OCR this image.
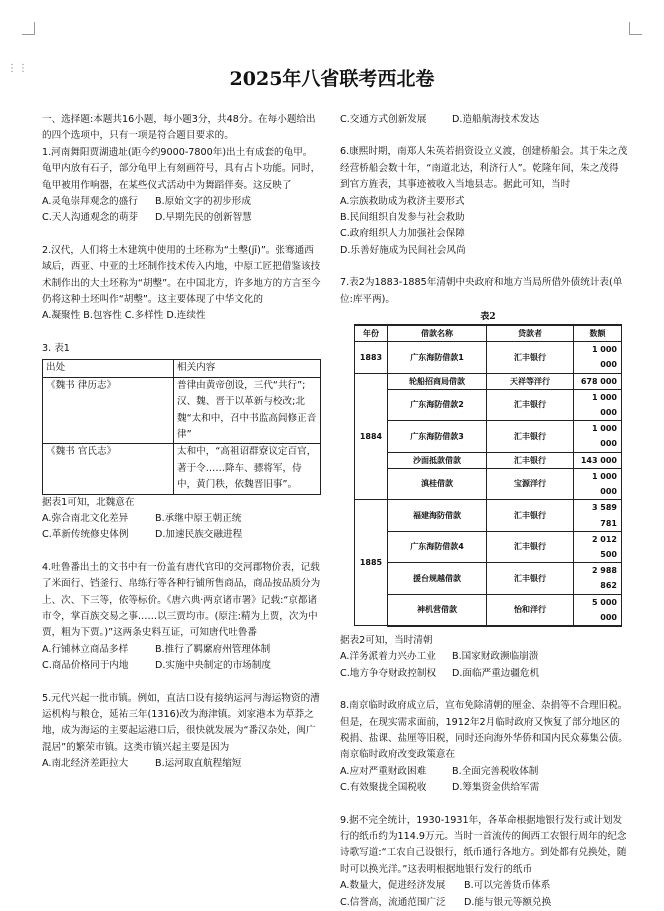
⋮⋮	2025年八省联考西北卷

一、选择题:本题共16小题，每小题3分，共48分。在每小题给出的四个选项中，只有一项是符合题目要求的。

1.河南舞阳贾湖遗址(距今约9000-7800年)出土有成套的龟甲。龟甲内放有石子，部分龟甲上有刻画符号，具有占卜功能。同时，龟甲被用作响器，在某些仪式活动中为舞蹈伴奏。这反映了

A.灵龟崇拜观念的盛行	B.原始文字的初步形成
C.天人沟通观念的萌芽	D.早期先民的创新智慧

2.汉代，人们将土木建筑中使用的土坯称为“土墼(jī)”。张骞通西域后，西亚、中亚的土坯制作技术传入内地，中原工匠把借鉴该技术制作出的大土坯称为“胡墼”。在中国北方，许多地方的方言至今仍将这种土坯叫作“胡墼”。这主要体现了中华文化的

A.凝聚性 B.包容性 C.多样性 D.连续性

3. 表1

出处	相关内容
《魏书 律历志》	普律由黄帝创设，三代“共行”;汉、魏、晋于以革新与校改;北魏“太和中，召中书监高闾修正音律”
《魏书 官氏志》	太和中，“高祖诏群寮议定百官，著于令……降车、骠将军，侍中，黄门秩，依魏晋旧事”。

据表1可知，北魏意在

A.弥合南北文化差异	B.承继中原王朝正统
C.革新传统修史体例	D.加速民族交融进程

4.吐鲁番出土的文书中有一份盖有唐代官印的交河郡物价表，记载了米面行、铛釜行、帛练行等各种行铺所售商品，商品按品质分为上、次、下三等，依等标价。《唐六典·两京诸市署》记载:“京都诸市令，掌百族交易之事……以三贾均市。(原注:精为上贾，次为中贾，粗为下贾。)”这两条史料互证，可知唐代吐鲁番

A.行铺林立商品多样	B.推行了羁縻府州管理体制
C.商品价格同于内地	D.实施中央制定的市场制度

5.元代兴起一批市镇。例如，直沽口设有接纳运河与海运物资的漕运机构与粮仓，延祐三年(1316)改为海津镇。刘家港本为草莽之地，成为海运的主要起运港口后，很快就发展为“番汉杂处，闽广混居”的繁荣市镇。这类市镇兴起主要是因为

A.南北经济差距拉大	B.运河取直航程缩短
C.交通方式创新发展	D.造船航海技术发达

6.康熙时期，南郑人朱英若捐资设立义渡，创建桥船会。其于朱之茂经营桥船会数十年，“南道北达，利济行人”。乾隆年间，朱之茂得到官方旌表，其事迹被收入当地县志。据此可知，当时

A.宗族救助成为救济主要形式

B.民间组织自发参与社会救助

C.政府组织人力加强社会保障

D.乐善好施成为民间社会风尚

7.表2为1883-1885年清朝中央政府和地方当局所借外债统计表(单位:库平两)。

表2
年份	借款名称	贷款者	数额
1883	广东海防借款1	汇丰银行	1 000 000
1884	轮船招商局借款	天祥等洋行	678 000
	广东海防借款2	汇丰银行	1 000 000
	广东海防借款3	汇丰银行	1 000 000
	沙面抵款借款	汇丰银行	143 000
	滇桂借款	宝源洋行	1 000 000
1885	福建海防借款	汇丰银行	3 589 781
	广东海防借款4	汇丰银行	2 012 500
	援台规越借款	汇丰银行	2 988 862
	神机营借款	怡和洋行	5 000 000

据表2可知，当时清朝

A.洋务派着力兴办工业	B.国家财政濒临崩溃
C.地方争夺财政控制权	D.面临严重边疆危机

8.南京临时政府成立后，宣布免除清朝的厘金、杂捐等不合理旧税。但是，在现实需求面前，1912年2月临时政府又恢复了部分地区的税捐、盐课、盐厘等旧税，同时还向海外华侨和国内民众募集公债。南京临时政府改变政策意在

A.应对严重财政困难	B.全面完善税收体制
C.有效聚拢全国税收	D.筹集资金供给军需

9.据不完全统计，1930-1931年，各革命根据地银行发行或计划发行的纸币约为114.9万元。当时一首流传的闽西工农银行周年的纪念诗歌写道:“工农自己设银行，纸币通行各地方。到处都有兑换处，随时可以换光洋。”这表明根据地银行发行的纸币

A.数量大，促进经济发展	B.可以完善货币体系
C.信誉高，流通范围广泛	D.能与银元等额兑换
